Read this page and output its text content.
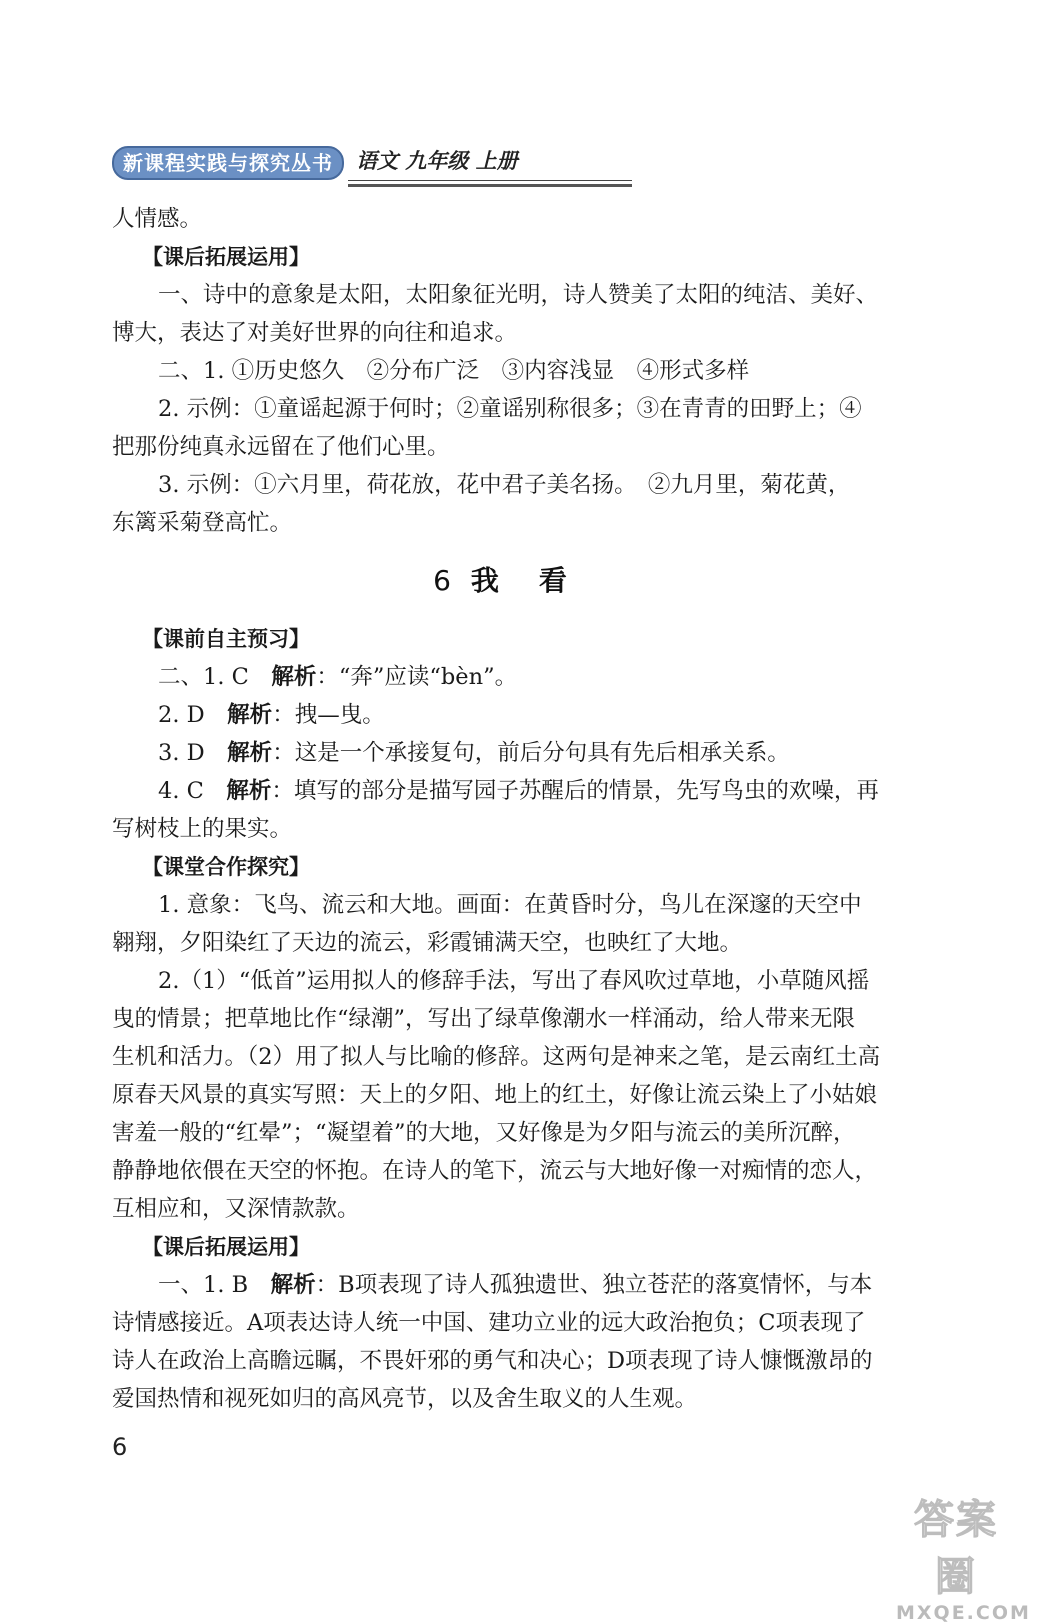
新课程实践与探究丛书	语文 九年级 上册
人情感。
【课后拓展运用】
一、诗中的意象是太阳，太阳象征光明，诗人赞美了太阳的纯洁、美好、
博大，表达了对美好世界的向往和追求。
二、1. ①历史悠久　②分布广泛　③内容浅显　④形式多样
2. 示例：①童谣起源于何时；②童谣别称很多；③在青青的田野上；④
把那份纯真永远留在了他们心里。
3. 示例：①六月里，荷花放，花中君子美名扬。　②九月里，菊花黄，
东篱采菊登高忙。
6 我　看
【课前自主预习】
二、1. C　解析：“奔”应读“bèn”。
2. D　解析：拽—曳。
3. D　解析：这是一个承接复句，前后分句具有先后相承关系。
4. C　解析：填写的部分是描写园子苏醒后的情景，先写鸟虫的欢噪，再
写树枝上的果实。
【课堂合作探究】
1. 意象：飞鸟、流云和大地。画面：在黄昏时分，鸟儿在深邃的天空中
翱翔，夕阳染红了天边的流云，彩霞铺满天空，也映红了大地。
2.（1）“低首”运用拟人的修辞手法，写出了春风吹过草地，小草随风摇
曳的情景；把草地比作“绿潮”，写出了绿草像潮水一样涌动，给人带来无限
生机和活力。（2）用了拟人与比喻的修辞。这两句是神来之笔，是云南红土高
原春天风景的真实写照：天上的夕阳、地上的红土，好像让流云染上了小姑娘
害羞一般的“红晕”；“凝望着”的大地，又好像是为夕阳与流云的美所沉醉，
静静地依偎在天空的怀抱。在诗人的笔下，流云与大地好像一对痴情的恋人，
互相应和，又深情款款。
【课后拓展运用】
一、1. B　解析：B项表现了诗人孤独遗世、独立苍茫的落寞情怀，与本
诗情感接近。A项表达诗人统一中国、建功立业的远大政治抱负；C项表现了
诗人在政治上高瞻远瞩，不畏奸邪的勇气和决心；D项表现了诗人慷慨激昂的
爱国热情和视死如归的高风亮节，以及舍生取义的人生观。
6
答案圈
MXQE.COM
